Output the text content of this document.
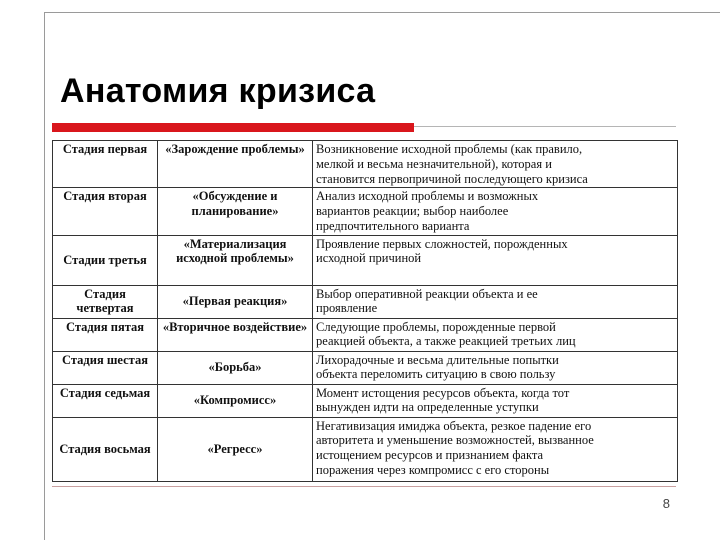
Анатомия кризиса
Стадия первая	«Зарождение проблемы»	Возникновение исходной проблемы (как правило,
мелкой и весьма незначительной), которая и
становится первопричиной последующего кризиса
Стадия вторая	«Обсуждение и планирование»	Анализ исходной проблемы и возможных
вариантов реакции; выбор наиболее
предпочтительного варианта
Стадии третья	«Материализация исходной проблемы»	Проявление первых сложностей, порожденных
исходной причиной
Стадия четвертая	«Первая реакция»	Выбор оперативной реакции объекта и ее
проявление
Стадия пятая	«Вторичное воздействие»	Следующие проблемы, порожденные первой
реакцией объекта, а также реакцией третьих лиц
Стадия шестая	«Борьба»	Лихорадочные и весьма длительные попытки
объекта переломить ситуацию в свою пользу
Стадия седьмая	«Компромисс»	Момент истощения ресурсов объекта, когда тот
вынужден идти на определенные уступки
Стадия восьмая	«Регресс»	Негативизация имиджа объекта, резкое падение его
авторитета и уменьшение возможностей, вызванное
истощением ресурсов и признанием факта
поражения через компромисс с его стороны
8
